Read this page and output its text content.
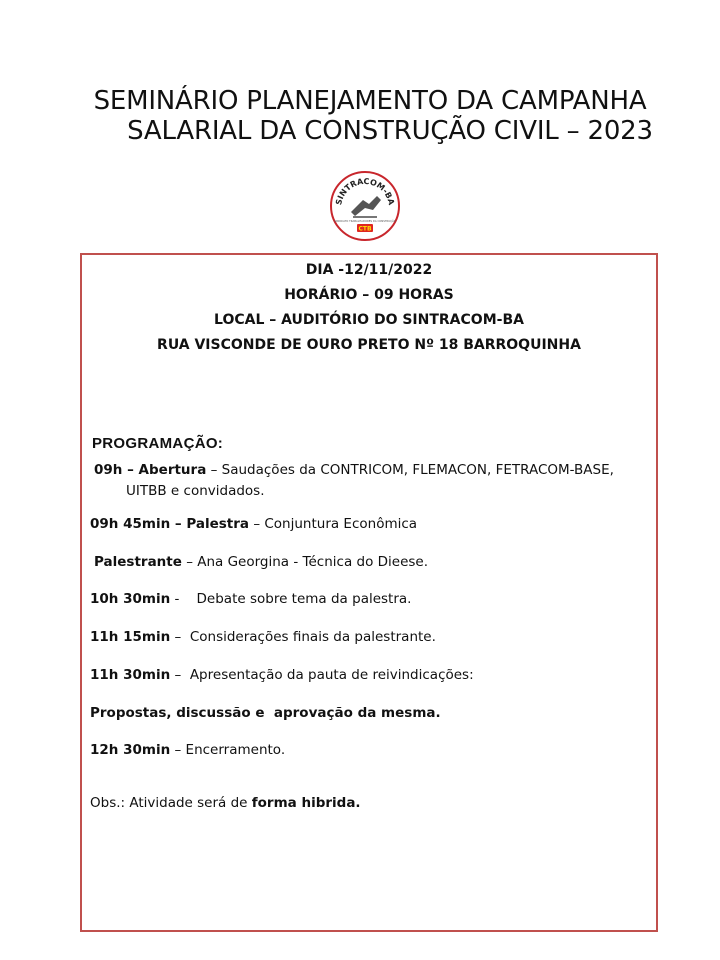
SEMINÁRIO PLANEJAMENTO DA CAMPANHA
SALARIAL DA CONSTRUÇÃO CIVIL – 2023
SINTRACOM-BA
SINDICATO TRABALHADORES DA CONSTRUÇÃO
CTB
DIA -12/11/2022
HORÁRIO – 09 HORAS
LOCAL – AUDITÓRIO DO SINTRACOM-BA
RUA VISCONDE DE OURO PRETO Nº 18 BARROQUINHA
PROGRAMAÇÃO:
09h – Abertura – Saudações da CONTRICOM, FLEMACON, FETRACOM-BASE,
UITBB e convidados.
09h 45min – Palestra – Conjuntura Econômica
Palestrante – Ana Georgina - Técnica do Dieese.
10h 30min -    Debate sobre tema da palestra.
11h 15min –  Considerações finais da palestrante.
11h 30min –  Apresentação da pauta de reivindicações:
Propostas, discussão e  aprovação da mesma.
12h 30min – Encerramento.
Obs.: Atividade será de forma hibrida.
